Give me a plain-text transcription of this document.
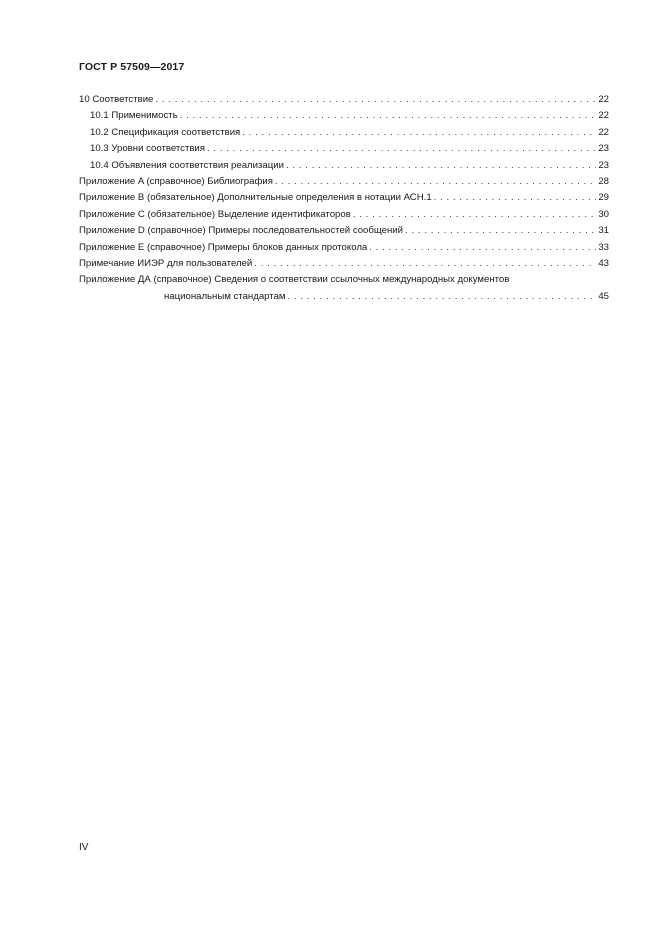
ГОСТ Р 57509—2017
10 Соответствие . . .	22
10.1 Применимость . . .	22
10.2 Спецификация соответствия . . .	22
10.3 Уровни соответствия . . .	23
10.4 Объявления соответствия реализации . . .	23
Приложение A (справочное) Библиография . . .	28
Приложение B (обязательное) Дополнительные определения в нотации АСН.1 . . .	29
Приложение C (обязательное) Выделение идентификаторов . . .	30
Приложение D (справочное) Примеры последовательностей сообщений . . .	31
Приложение E (справочное) Примеры блоков данных протокола . . .	33
Примечание ИИЭР для пользователей . . .	43
Приложение ДА (справочное) Сведения о соответствии ссылочных международных документов
национальным стандартам . . .	45
IV
